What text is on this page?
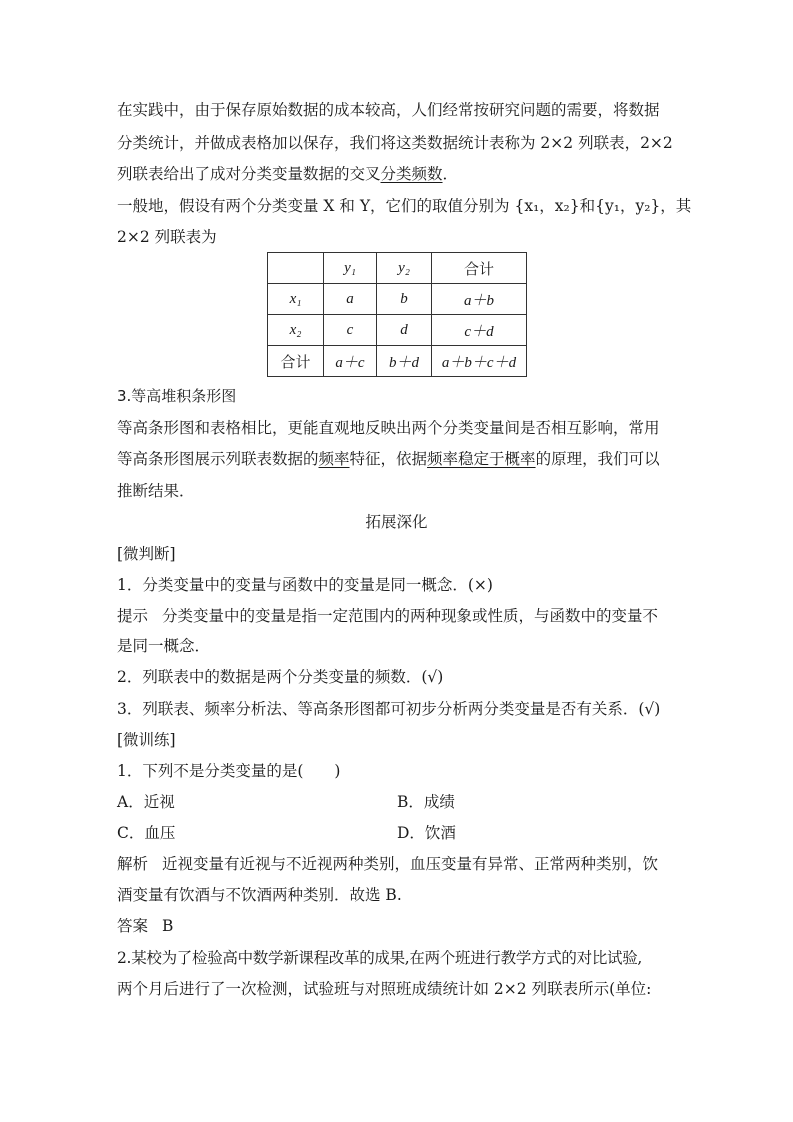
在实践中，由于保存原始数据的成本较高，人们经常按研究问题的需要，将数据
分类统计，并做成表格加以保存，我们将这类数据统计表称为 2×2 列联表，2×2
列联表给出了成对分类变量数据的交叉分类频数．
一般地，假设有两个分类变量 X 和 Y，它们的取值分别为 {x₁，x₂}和{y₁，y₂}，其
2×2 列联表为
	y₁	y₂	合计
x₁	a	b	a＋b
x₂	c	d	c＋d
合计	a＋c	b＋d	a＋b＋c＋d
3.等高堆积条形图
等高条形图和表格相比，更能直观地反映出两个分类变量间是否相互影响，常用
等高条形图展示列联表数据的频率特征，依据频率稳定于概率的原理，我们可以
推断结果．
拓展深化
[微判断]
1．分类变量中的变量与函数中的变量是同一概念．(×)
提示 分类变量中的变量是指一定范围内的两种现象或性质，与函数中的变量不
是同一概念．
2．列联表中的数据是两个分类变量的频数．(√)
3．列联表、频率分析法、等高条形图都可初步分析两分类变量是否有关系．(√)
[微训练]
1．下列不是分类变量的是(　　)
A．近视	B．成绩
C．血压	D．饮酒
解析 近视变量有近视与不近视两种类别，血压变量有异常、正常两种类别，饮
酒变量有饮酒与不饮酒两种类别．故选 B.
答案 B
2.某校为了检验高中数学新课程改革的成果,在两个班进行教学方式的对比试验,
两个月后进行了一次检测，试验班与对照班成绩统计如 2×2 列联表所示(单位:
